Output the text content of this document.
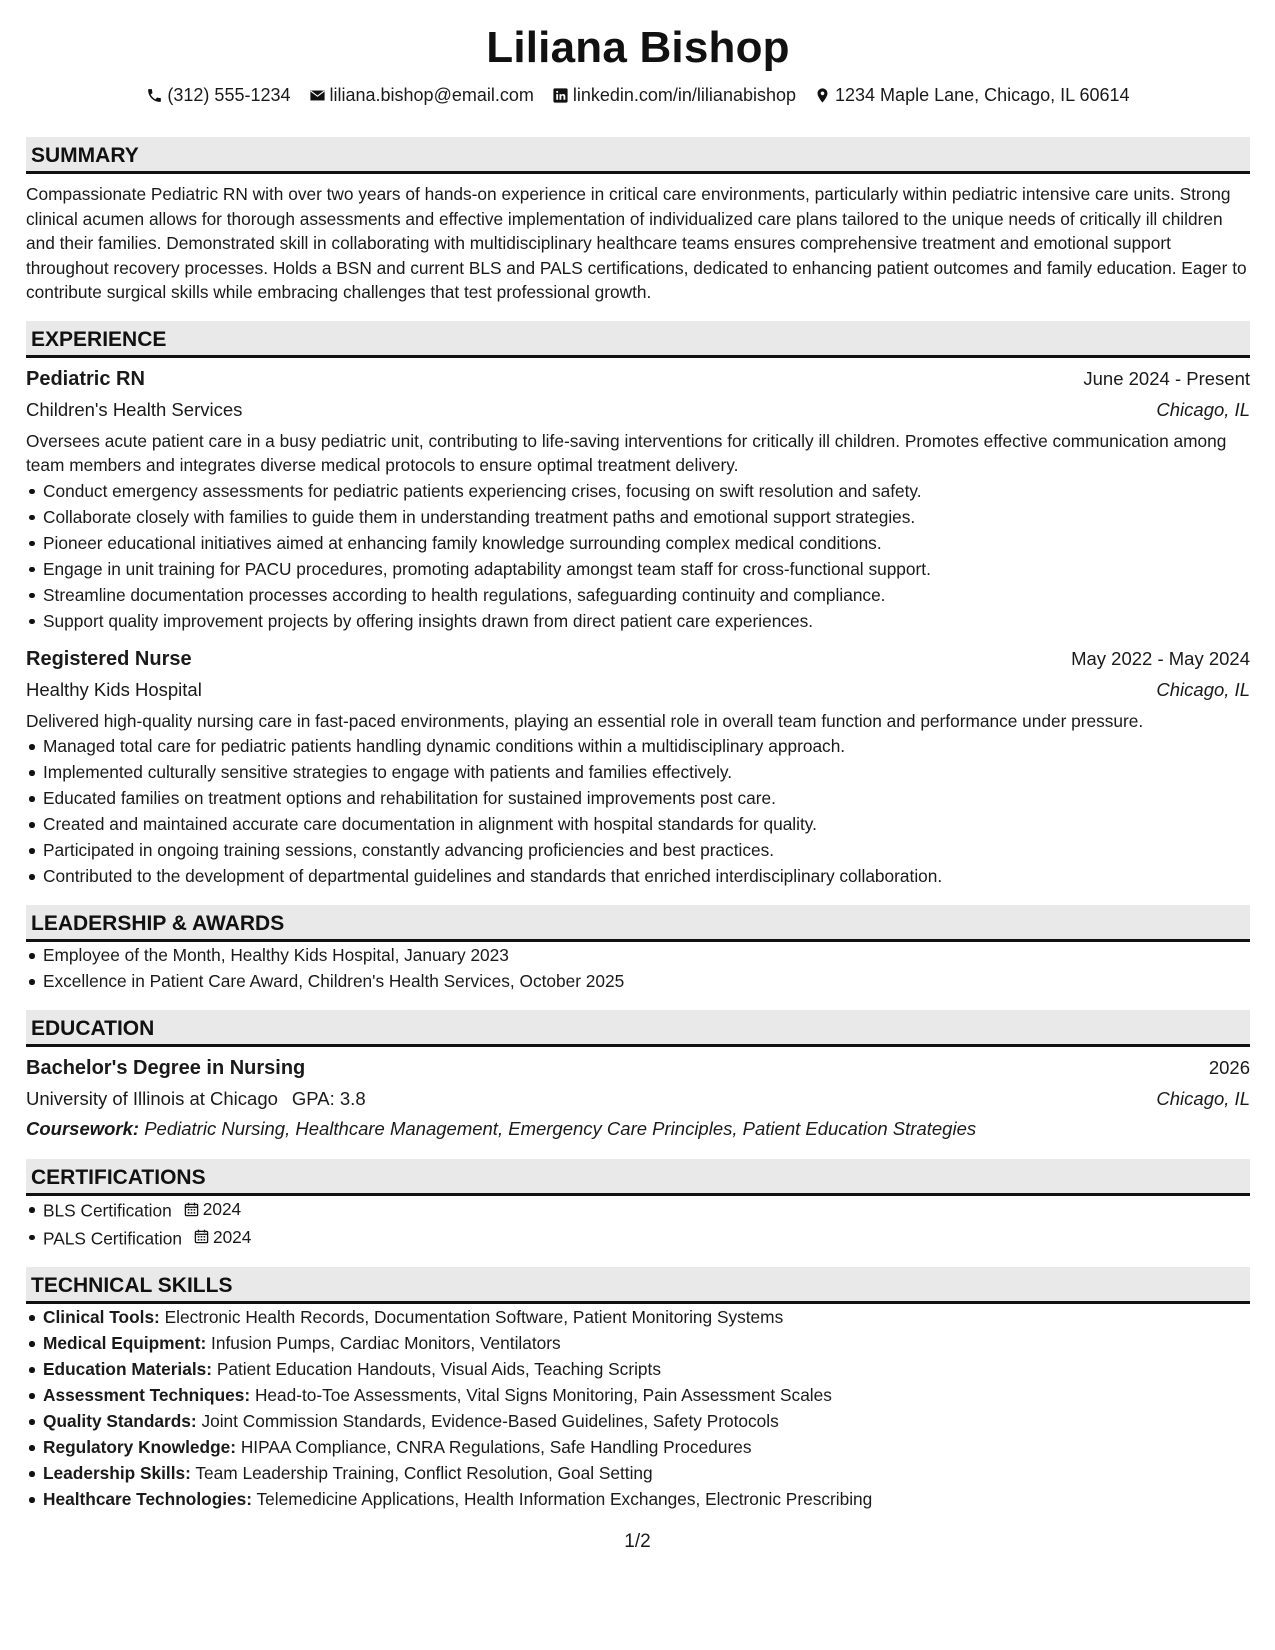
Liliana Bishop
(312) 555-1234 liliana.bishop@email.com linkedin.com/in/lilianabishop 1234 Maple Lane, Chicago, IL 60614
SUMMARY
Compassionate Pediatric RN with over two years of hands-on experience in critical care environments, particularly within pediatric intensive care units. Strong clinical acumen allows for thorough assessments and effective implementation of individualized care plans tailored to the unique needs of critically ill children and their families. Demonstrated skill in collaborating with multidisciplinary healthcare teams ensures comprehensive treatment and emotional support throughout recovery processes. Holds a BSN and current BLS and PALS certifications, dedicated to enhancing patient outcomes and family education. Eager to contribute surgical skills while embracing challenges that test professional growth.
EXPERIENCE
Pediatric RN	June 2024 - Present
Children's Health Services	Chicago, IL
Oversees acute patient care in a busy pediatric unit, contributing to life-saving interventions for critically ill children. Promotes effective communication among team members and integrates diverse medical protocols to ensure optimal treatment delivery.
Conduct emergency assessments for pediatric patients experiencing crises, focusing on swift resolution and safety.
Collaborate closely with families to guide them in understanding treatment paths and emotional support strategies.
Pioneer educational initiatives aimed at enhancing family knowledge surrounding complex medical conditions.
Engage in unit training for PACU procedures, promoting adaptability amongst team staff for cross-functional support.
Streamline documentation processes according to health regulations, safeguarding continuity and compliance.
Support quality improvement projects by offering insights drawn from direct patient care experiences.
Registered Nurse	May 2022 - May 2024
Healthy Kids Hospital	Chicago, IL
Delivered high-quality nursing care in fast-paced environments, playing an essential role in overall team function and performance under pressure.
Managed total care for pediatric patients handling dynamic conditions within a multidisciplinary approach.
Implemented culturally sensitive strategies to engage with patients and families effectively.
Educated families on treatment options and rehabilitation for sustained improvements post care.
Created and maintained accurate care documentation in alignment with hospital standards for quality.
Participated in ongoing training sessions, constantly advancing proficiencies and best practices.
Contributed to the development of departmental guidelines and standards that enriched interdisciplinary collaboration.
LEADERSHIP & AWARDS
Employee of the Month, Healthy Kids Hospital, January 2023
Excellence in Patient Care Award, Children's Health Services, October 2025
EDUCATION
Bachelor's Degree in Nursing	2026
University of Illinois at Chicago GPA: 3.8	Chicago, IL
Coursework: Pediatric Nursing, Healthcare Management, Emergency Care Principles, Patient Education Strategies
CERTIFICATIONS
BLS Certification 2024
PALS Certification 2024
TECHNICAL SKILLS
Clinical Tools: Electronic Health Records, Documentation Software, Patient Monitoring Systems
Medical Equipment: Infusion Pumps, Cardiac Monitors, Ventilators
Education Materials: Patient Education Handouts, Visual Aids, Teaching Scripts
Assessment Techniques: Head-to-Toe Assessments, Vital Signs Monitoring, Pain Assessment Scales
Quality Standards: Joint Commission Standards, Evidence-Based Guidelines, Safety Protocols
Regulatory Knowledge: HIPAA Compliance, CNRA Regulations, Safe Handling Procedures
Leadership Skills: Team Leadership Training, Conflict Resolution, Goal Setting
Healthcare Technologies: Telemedicine Applications, Health Information Exchanges, Electronic Prescribing
1/2
